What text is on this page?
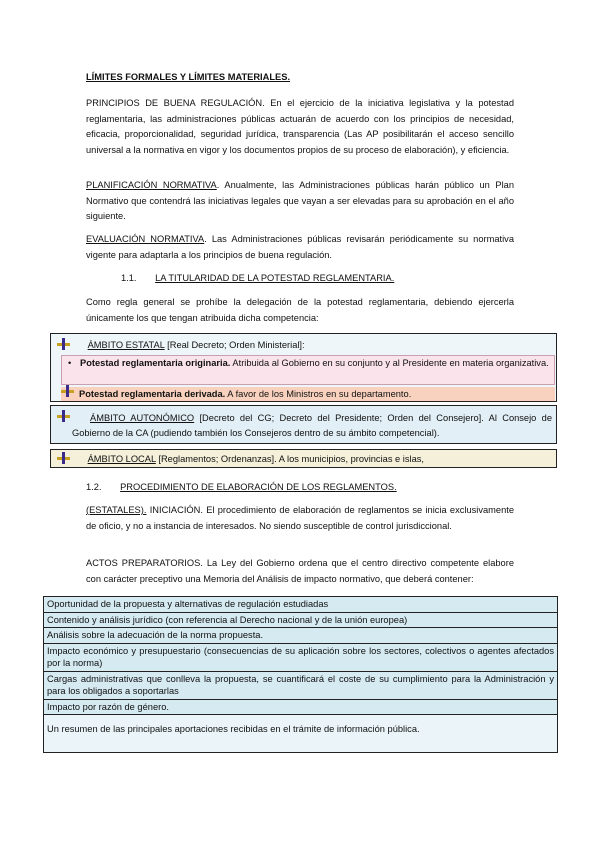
LÍMITES FORMALES Y LÍMITES MATERIALES.

PRINCIPIOS DE BUENA REGULACIÓN. En el ejercicio de la iniciativa legislativa y la potestad reglamentaria, las administraciones públicas actuarán de acuerdo con los principios de necesidad, eficacia, proporcionalidad, seguridad jurídica, transparencia (Las AP posibilitarán el acceso sencillo universal a la normativa en vigor y los documentos propios de su proceso de elaboración), y eficiencia.

PLANIFICACIÓN NORMATIVA. Anualmente, las Administraciones públicas harán público un Plan Normativo que contendrá las iniciativas legales que vayan a ser elevadas para su aprobación en el año siguiente.

EVALUACIÓN NORMATIVA. Las Administraciones públicas revisarán periódicamente su normativa vigente para adaptarla a los principios de buena regulación.

1.1. LA TITULARIDAD DE LA POTESTAD REGLAMENTARIA.

Como regla general se prohíbe la delegación de la potestad reglamentaria, debiendo ejercerla únicamente los que tengan atribuida dicha competencia:

ÁMBITO ESTATAL [Real Decreto; Orden Ministerial]:
• Potestad reglamentaria originaria. Atribuida al Gobierno en su conjunto y al Presidente en materia organizativa.
Potestad reglamentaria derivada. A favor de los Ministros en su departamento.
ÁMBITO AUTONÓMICO [Decreto del CG; Decreto del Presidente; Orden del Consejero]. Al Consejo de Gobierno de la CA (pudiendo también los Consejeros dentro de su ámbito competencial).
ÁMBITO LOCAL [Reglamentos; Ordenanzas]. A los municipios, provincias e islas,
1.2. PROCEDIMIENTO DE ELABORACIÓN DE LOS REGLAMENTOS.

(ESTATALES). INICIACIÓN. El procedimiento de elaboración de reglamentos se inicia exclusivamente de oficio, y no a instancia de interesados. No siendo susceptible de control jurisdiccional.

ACTOS PREPARATORIOS. La Ley del Gobierno ordena que el centro directivo competente elabore con carácter preceptivo una Memoria del Análisis de impacto normativo, que deberá contener:

Oportunidad de la propuesta y alternativas de regulación estudiadas
Contenido y análisis jurídico (con referencia al Derecho nacional y de la unión europea)
Análisis sobre la adecuación de la norma propuesta.
Impacto económico y presupuestario (consecuencias de su aplicación sobre los sectores, colectivos o agentes afectados por la norma)
Cargas administrativas que conlleva la propuesta, se cuantificará el coste de su cumplimiento para la Administración y para los obligados a soportarlas
Impacto por razón de género.
Un resumen de las principales aportaciones recibidas en el trámite de información pública.
